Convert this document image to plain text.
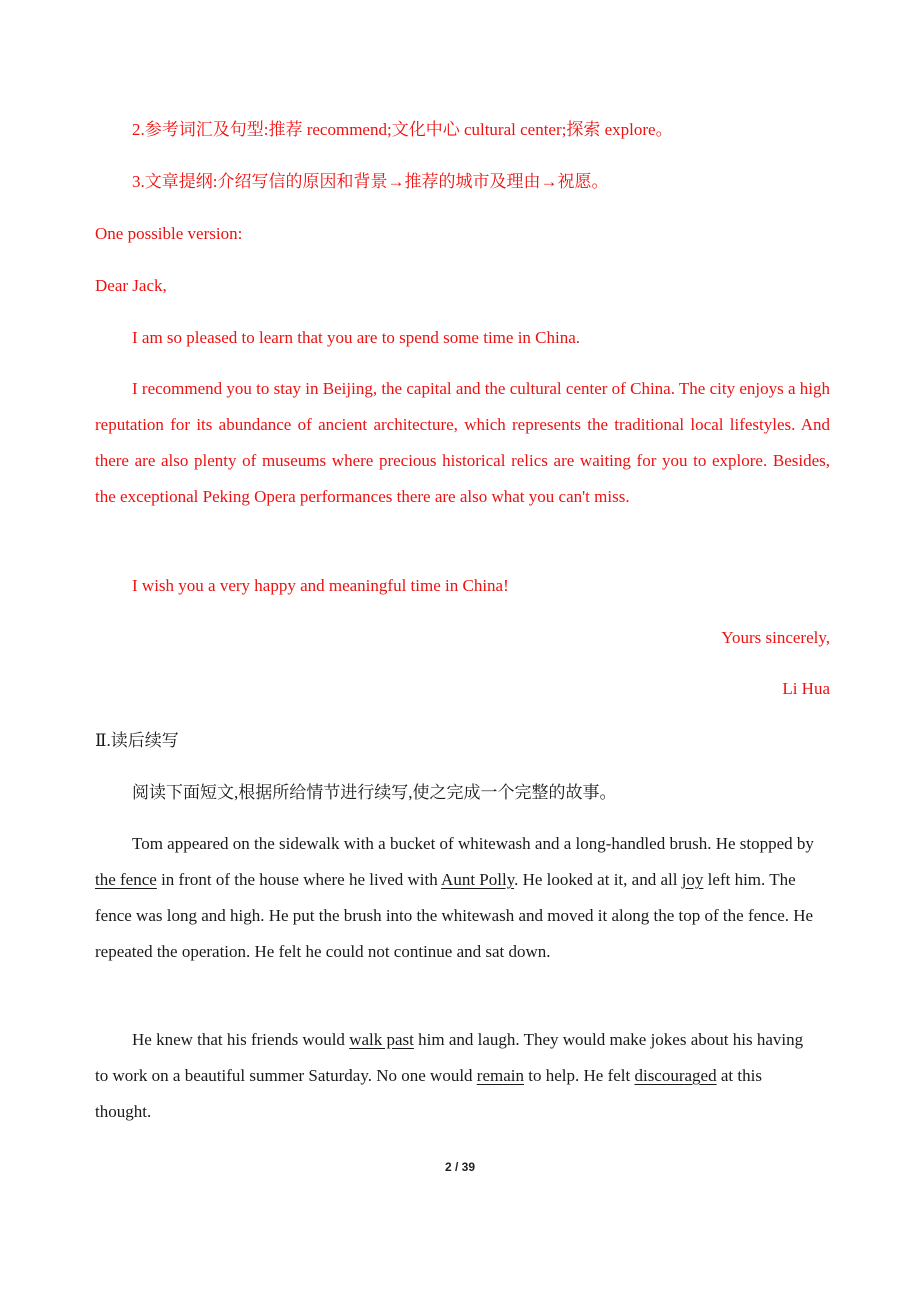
2.参考词汇及句型:推荐 recommend;文化中心 cultural center;探索 explore。
3.文章提纲:介绍写信的原因和背景→推荐的城市及理由→祝愿。
One possible version:
Dear Jack,
I am so pleased to learn that you are to spend some time in China.

I recommend you to stay in Beijing, the capital and the cultural center of China. The city enjoys a high reputation for its abundance of ancient architecture, which represents the traditional local lifestyles. And there are also plenty of museums where precious historical relics are waiting for you to explore. Besides, the exceptional Peking Opera performances there are also what you can't miss.

I wish you a very happy and meaningful time in China!
Yours sincerely,
Li Hua
Ⅱ.读后续写
阅读下面短文,根据所给情节进行续写,使之完成一个完整的故事。

Tom appeared on the sidewalk with a bucket of whitewash and a long-handled brush. He stopped by the fence in front of the house where he lived with Aunt Polly. He looked at it, and all joy left him. The fence was long and high. He put the brush into the whitewash and moved it along the top of the fence. He repeated the operation. He felt he could not continue and sat down.

He knew that his friends would walk past him and laugh. They would make jokes about his having to work on a beautiful summer Saturday. No one would remain to help. He felt discouraged at this thought.

2 / 39
